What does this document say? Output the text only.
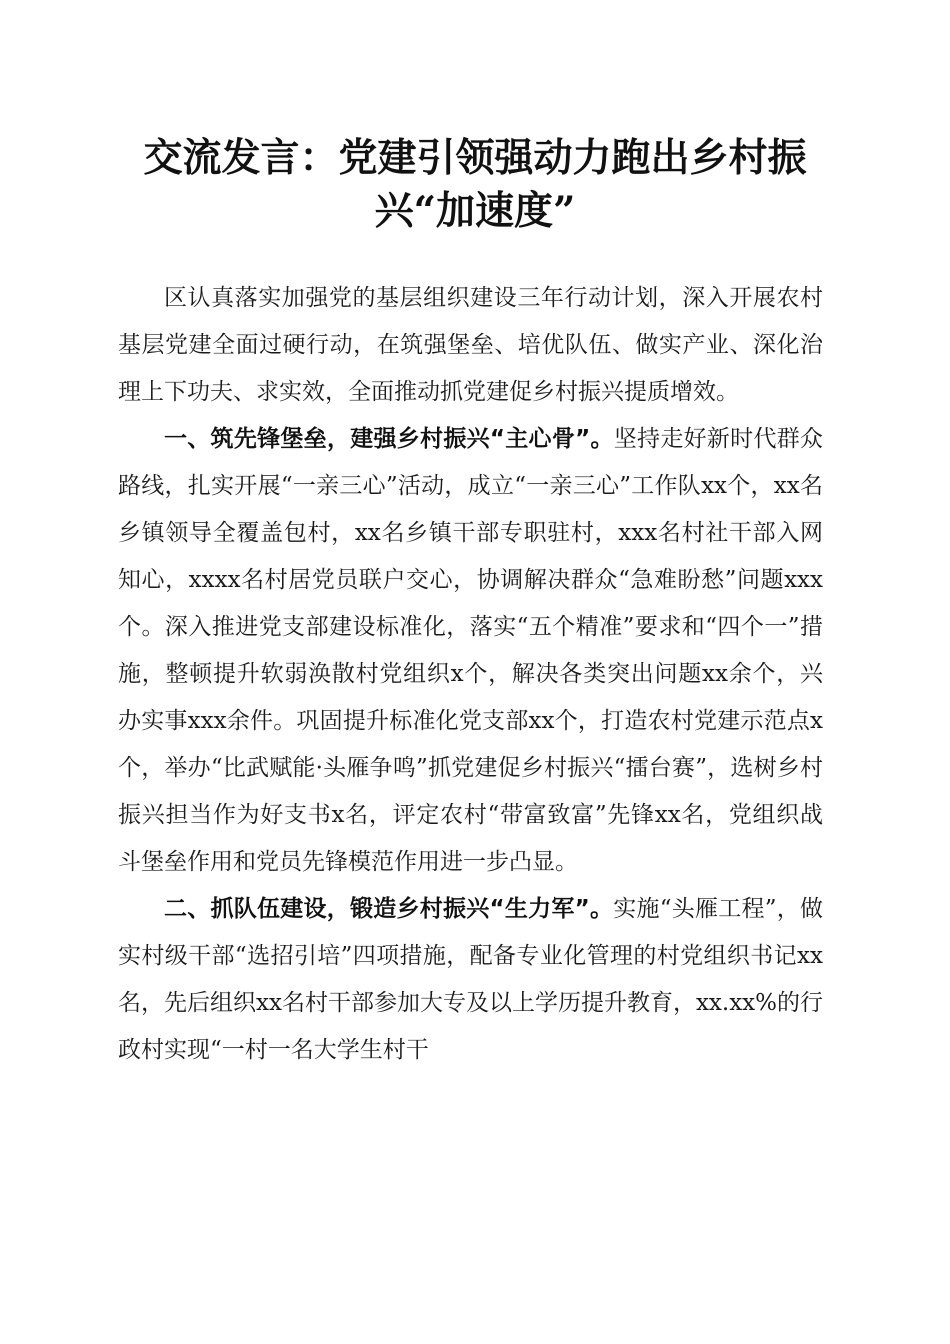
交流发言：党建引领强动力跑出乡村振兴“加速度”

区认真落实加强党的基层组织建设三年行动计划，深入开展农村基层党建全面过硬行动，在筑强堡垒、培优队伍、做实产业、深化治理上下功夫、求实效，全面推动抓党建促乡村振兴提质增效。

一、筑先锋堡垒，建强乡村振兴“主心骨”。坚持走好新时代群众路线，扎实开展“一亲三心”活动，成立“一亲三心”工作队xx个，xx名乡镇领导全覆盖包村，xx名乡镇干部专职驻村，xxx名村社干部入网知心，xxxx名村居党员联户交心，协调解决群众“急难盼愁”问题xxx个。深入推进党支部建设标准化，落实“五个精准”要求和“四个一”措施，整顿提升软弱涣散村党组织x个，解决各类突出问题xx余个，兴办实事xxx余件。巩固提升标准化党支部xx个，打造农村党建示范点x个，举办“比武赋能·头雁争鸣”抓党建促乡村振兴“擂台赛”，选树乡村振兴担当作为好支书x名，评定农村“带富致富”先锋xx名，党组织战斗堡垒作用和党员先锋模范作用进一步凸显。

二、抓队伍建设，锻造乡村振兴“生力军”。实施“头雁工程”，做实村级干部“选招引培”四项措施，配备专业化管理的村党组织书记xx名，先后组织xx名村干部参加大专及以上学历提升教育，xx.xx%的行政村实现“一村一名大学生村干
